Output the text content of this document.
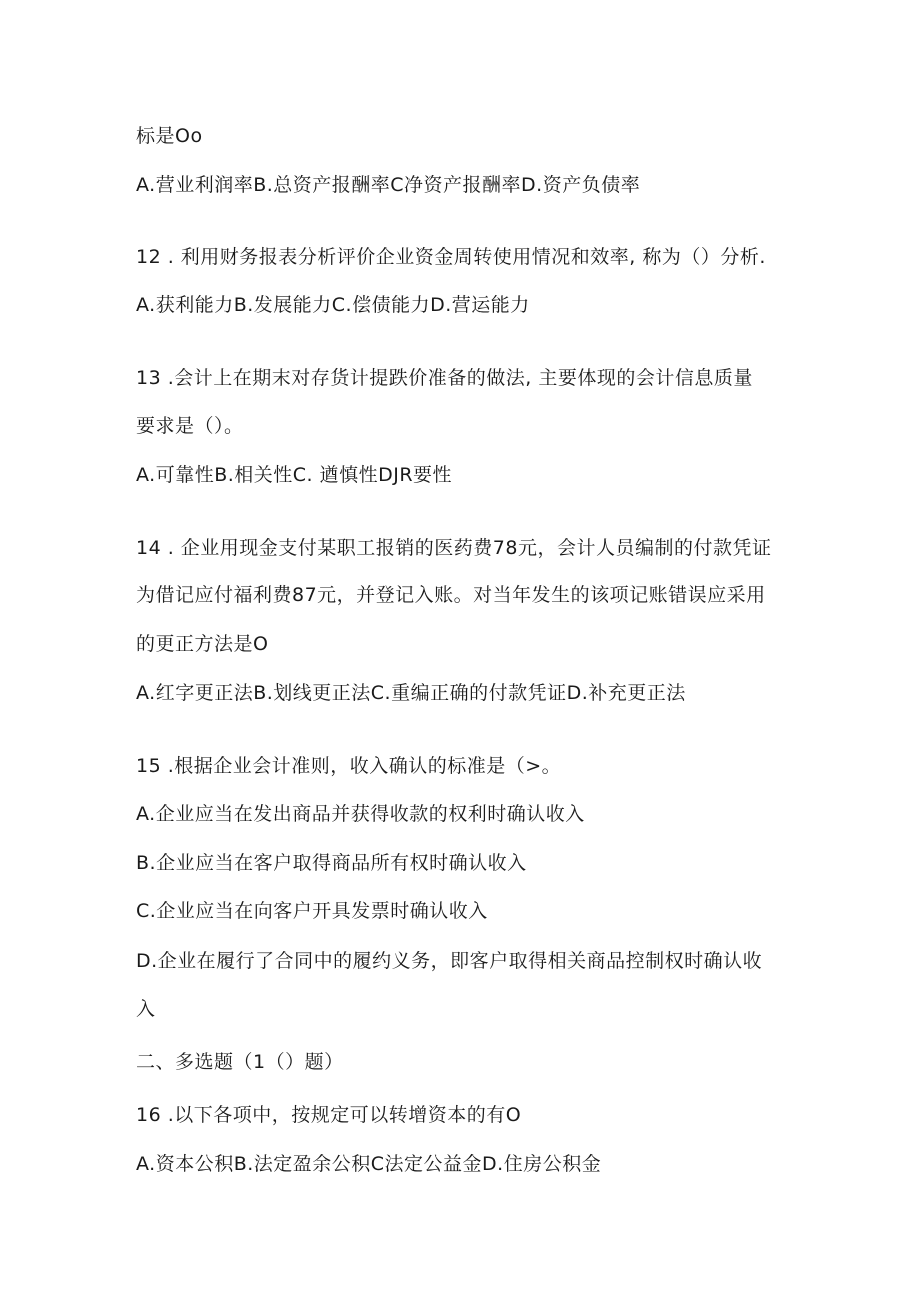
标是Oo
A.营业利润率B.总资产报酬率C净资产报酬率D.资产负债率
12 . 利用财务报表分析评价企业资金周转使用情况和效率, 称为（）分析.
A.获利能力B.发展能力C.偿债能力D.营运能力
13 .会计上在期末对存货计提跌价准备的做法, 主要体现的会计信息质量
要求是（）。
A.可靠性B.相关性C. 遒慎性DJR要性
14 . 企业用现金支付某职工报销的医药费78元，会计人员编制的付款凭证
为借记应付福利费87元，并登记入账。对当年发生的该项记账错误应采用
的更正方法是O
A.红字更正法B.划线更正法C.重编正确的付款凭证D.补充更正法
15 .根据企业会计准则，收入确认的标准是（>。
A.企业应当在发出商品并获得收款的权利时确认收入
B.企业应当在客户取得商品所有权时确认收入
C.企业应当在向客户开具发票时确认收入
D.企业在履行了合同中的履约义务，即客户取得相关商品控制权时确认收
入
二、多选题（1（）题）
16 .以下各项中，按规定可以转增资本的有O
A.资本公积B.法定盈余公积C法定公益金D.住房公积金
